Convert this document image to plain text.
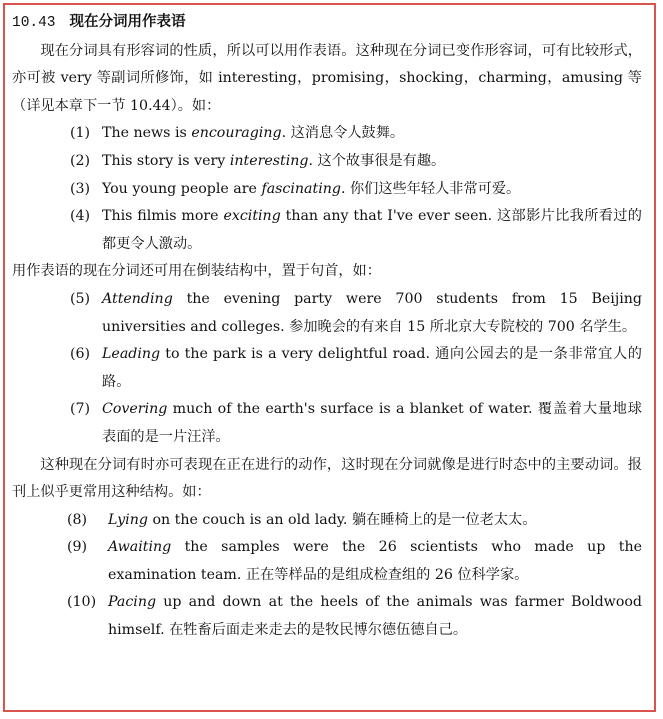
10.43 现在分词用作表语

现在分词具有形容词的性质，所以可以用作表语。这种现在分词已变作形容词，可有比较形式，亦可被 very 等副词所修饰，如 interesting，promising，shocking，charming，amusing 等（详见本章下一节 10.44）。如：

(1) The news is encouraging. 这消息令人鼓舞。

(2) This story is very interesting. 这个故事很是有趣。

(3) You young people are fascinating. 你们这些年轻人非常可爱。

(4) This filmis more exciting than any that I've ever seen. 这部影片比我所看过的都更令人激动。

用作表语的现在分词还可用在倒装结构中，置于句首，如：

(5) Attending the evening party were 700 students from 15 Beijing universities and colleges. 参加晚会的有来自 15 所北京大专院校的 700 名学生。

(6) Leading to the park is a very delightful road. 通向公园去的是一条非常宜人的路。

(7) Covering much of the earth's surface is a blanket of water. 覆盖着大量地球表面的是一片汪洋。

这种现在分词有时亦可表现在正在进行的动作，这时现在分词就像是进行时态中的主要动词。报刊上似乎更常用这种结构。如：

(8) Lying on the couch is an old lady. 躺在睡椅上的是一位老太太。

(9) Awaiting the samples were the 26 scientists who made up the examination team. 正在等样品的是组成检查组的 26 位科学家。

(10) Pacing up and down at the heels of the animals was farmer Boldwood himself. 在牲畜后面走来走去的是牧民博尔德伍德自己。
